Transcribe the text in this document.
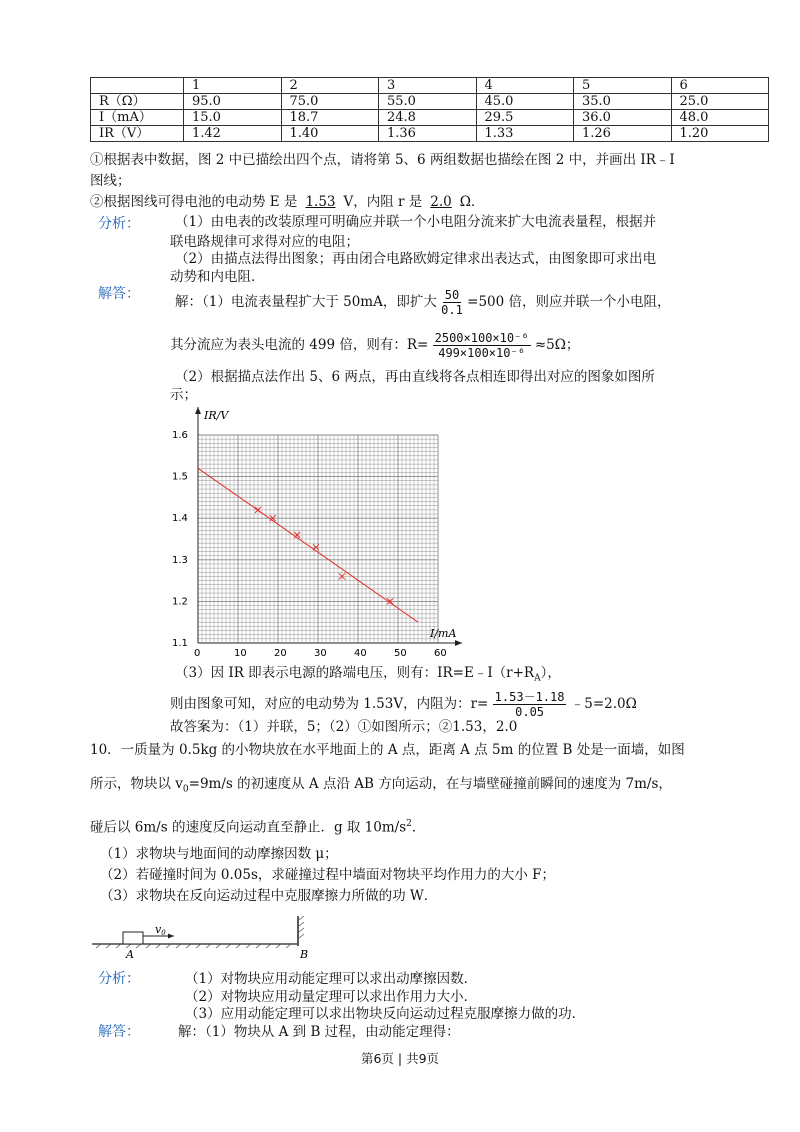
	1	2	3	4	5	6
R（Ω）	95.0	75.0	55.0	45.0	35.0	25.0
I（mA）	15.0	18.7	24.8	29.5	36.0	48.0
IR（V）	1.42	1.40	1.36	1.33	1.26	1.20
①根据表中数据，图 2 中已描绘出四个点，请将第 5、6 两组数据也描绘在图 2 中，并画出 IR﹣I
图线；
②根据图线可得电池的电动势 E 是 1.53 V，内阻 r 是 2.0 Ω．
分析：	（1）由电表的改装原理可明确应并联一个小电阻分流来扩大电流表量程，根据并
联电路规律可求得对应的电阻；
（2）由描点法得出图象；再由闭合电路欧姆定律求出表达式，由图象即可求出电
动势和内电阻．
解答：	解：（1）电流表量程扩大于 50mA，即扩大 $\frac{50}{0.1} =500$ 倍，则应并联一个小电阻，
其分流应为表头电流的 499 倍，则有：$R= \frac{\text{2500×100×10⁻⁶}}{\text{499×100×10⁻⁶}} \approx 5\Omega$；
（2）根据描点法作出 5、6 两点，再由直线将各点相连即得出对应的图象如图所
示；
0	10	20	30	40	50	60
1.1
1.2
1.3
1.4
1.5
1.6
I/mA
IR/V
（3）因 IR 即表示电源的路端电压，则有：$IR=E﹣I(r+R_A)$，
则由图象可知，对应的电动势为 1.53V，内阻为：$r= \frac{1.53-1.18}{0.05}$ ﹣5=2.0Ω
故答案为：（1）并联，5；（2）①如图所示；②1.53，2.0
10．一质量为 0.5kg 的小物块放在水平地面上的 A 点，距离 A 点 5m 的位置 B 处是一面墙，如图
所示，物块以 $v_0=9m/s$ 的初速度从 A 点沿 AB 方向运动，在与墙壁碰撞前瞬间的速度为 7m/s，
碰后以 6m/s 的速度反向运动直至静止．g 取 $10m/s^2$．
（1）求物块与地面间的动摩擦因数 μ；
（2）若碰撞时间为 0.05s，求碰撞过程中墙面对物块平均作用力的大小 F；
（3）求物块在反向运动过程中克服摩擦力所做的功 W．
v0
A	B
分析：	（1）对物块应用动能定理可以求出动摩擦因数．
（2）对物块应用动量定理可以求出作用力大小．
（3）应用动能定理可以求出物块反向运动过程克服摩擦力做的功．
解答：	解：（1）物块从 A 到 B 过程，由动能定理得：
第6页 | 共9页
